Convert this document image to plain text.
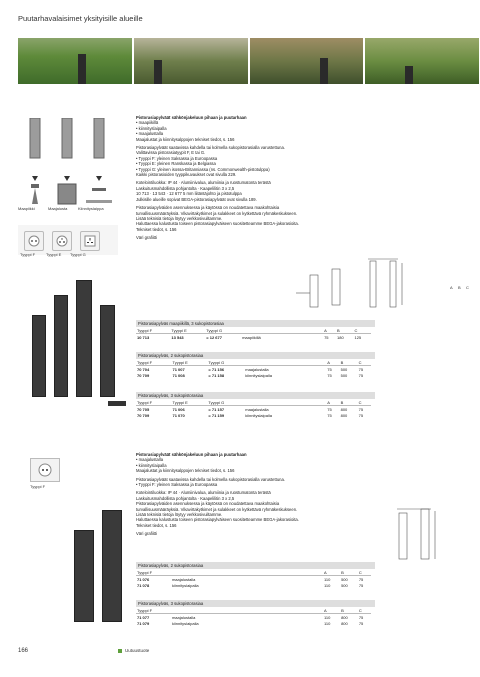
Puutarhavalaisimet yksityisille alueille
Maapiikki	Maajalusta	Kiinnityslaippa
Tyyppi F	Tyyppi E Tyyppi G
Pistorasiapylväät sähkönjakeluun pihaan ja puutarhaan
• maapiikillä
• kiinnityslaipalla
• maajalustalla
Maajalustat ja kiinnitysalppojen tekniset tiedot, s. 156
Pistorasiapylväät saatavissa kahdella tai kolmella sukopistorasialla varustettuna.
Valittavissa pistorasiatyypit F, E tai G.
• Tyyppi F: yleinen Saksassa ja Euroopassa
• Tyyppi E: yleinen Ranskassa ja Belgiassa
• Tyyppi G: yleinen isossa-Britanniassa (ns. Commonwealth-pistotulppa)
Kaikki pistorasioiden tyyppikuvaukset ovat sivulla 229.
Kotelointiluokka: IP 44 · Alumiinivalua, alumiinia ja ruostumatonta terästä
Laskuitusmahdollista pohjantolta · Kaapelilitin 3 x 2,5
10 713 · 13 543 · 12 677 5 mm liitäntäjohto ja pistotulppa
Julkisille alueille sopivat BEGA-pistorasiapylväät ovat sivulla 189.
Pistorasiapylväiden asennuksessa ja käytössä on noudatettava maakohtaisia
turvallisuusmääräyksiä. Vikavirtakytkimet ja sulakkeet on kytkettävä ryhmäkeskukseen.
Lisää teknisiä tietoja löytyy verkkosivuiltamme.
Haluttaessa kalustusta toiseen pistorasiapylväiseen suositetteamme BEGA-jakorasioita.
Tekniset tiedot, s. 156
Väri grafiitti
A B C
Pistorasiapylväs maapiikillä, 3 sukopistorasiaa
Tyyppi F	Tyyppi E	Tyyppi G		A	B	C
10 713	13 543	= 12 677	maapiikillä	75	180	125
Pistorasiapylväs, 2 sukopistorasiaa
Tyyppi F	Tyyppi E	Tyyppi G		A	B	C
70 704	71 007	= 71 156	maajalustalla	75	500	75
70 709	71 008	= 71 158	kiinnityslaipalla	75	500	75
Pistorasiapylväs, 3 sukopistorasiaa
Tyyppi F	Tyyppi E	Tyyppi G		A	B	C
70 705	71 006	= 71 157	maajalustalla	75	800	75
70 709	71 070	= 71 159	kiinnityslaipalla	75	800	75
Tyyppi F
Pistorasiapylväät sähkönjakeluun pihaan ja puutarhaan
• maajalustalla
• kiinnityslaipalla
Maajalustat ja kiinnitysalppojen tekniset tiedot, s. 156
Pistorasiapylväät saatavissa kahdella tai kolmella sukopistorasialla varustettuna.
• Tyyppi F: yleinen Saksassa ja Euroopassa
Kotelointiluokka: IP 44 · Alumiinivalua, alumiinia ja ruostumatonta terästä
Laskuitusmahdollista pohjantolta · Kaapelilitin 3 x 2,5
Pistorasiapylväiden asennuksessa ja käytössä on noudatettava maakohtaisia
turvallisuusmääräyksiä. Vikavirtakytkimet ja sulakkeet on kytkettävä ryhmäkeskukseen.
Lisää teknisiä tietoja löytyy verkkosivuiltamme.
Haluttaessa kalustusta toiseen pistorasiapylväiseen suositetteamme BEGA-jakorasioita.
Tekniset tiedot, s. 156
Väri grafiitti
Pistorasiapylväs, 2 sukopistorasiaa
Tyyppi F		A	B	C
71 076	maajalustalla	110	500	75
71 078	kiinnityslaipalla	110	500	75
Pistorasiapylväs, 3 sukopistorasiaa
Tyyppi F		A	B	C
71 077	maajalustalla	110	800	75
71 079	kiinnityslaipalla	110	800	75
166	Uutuustuote
